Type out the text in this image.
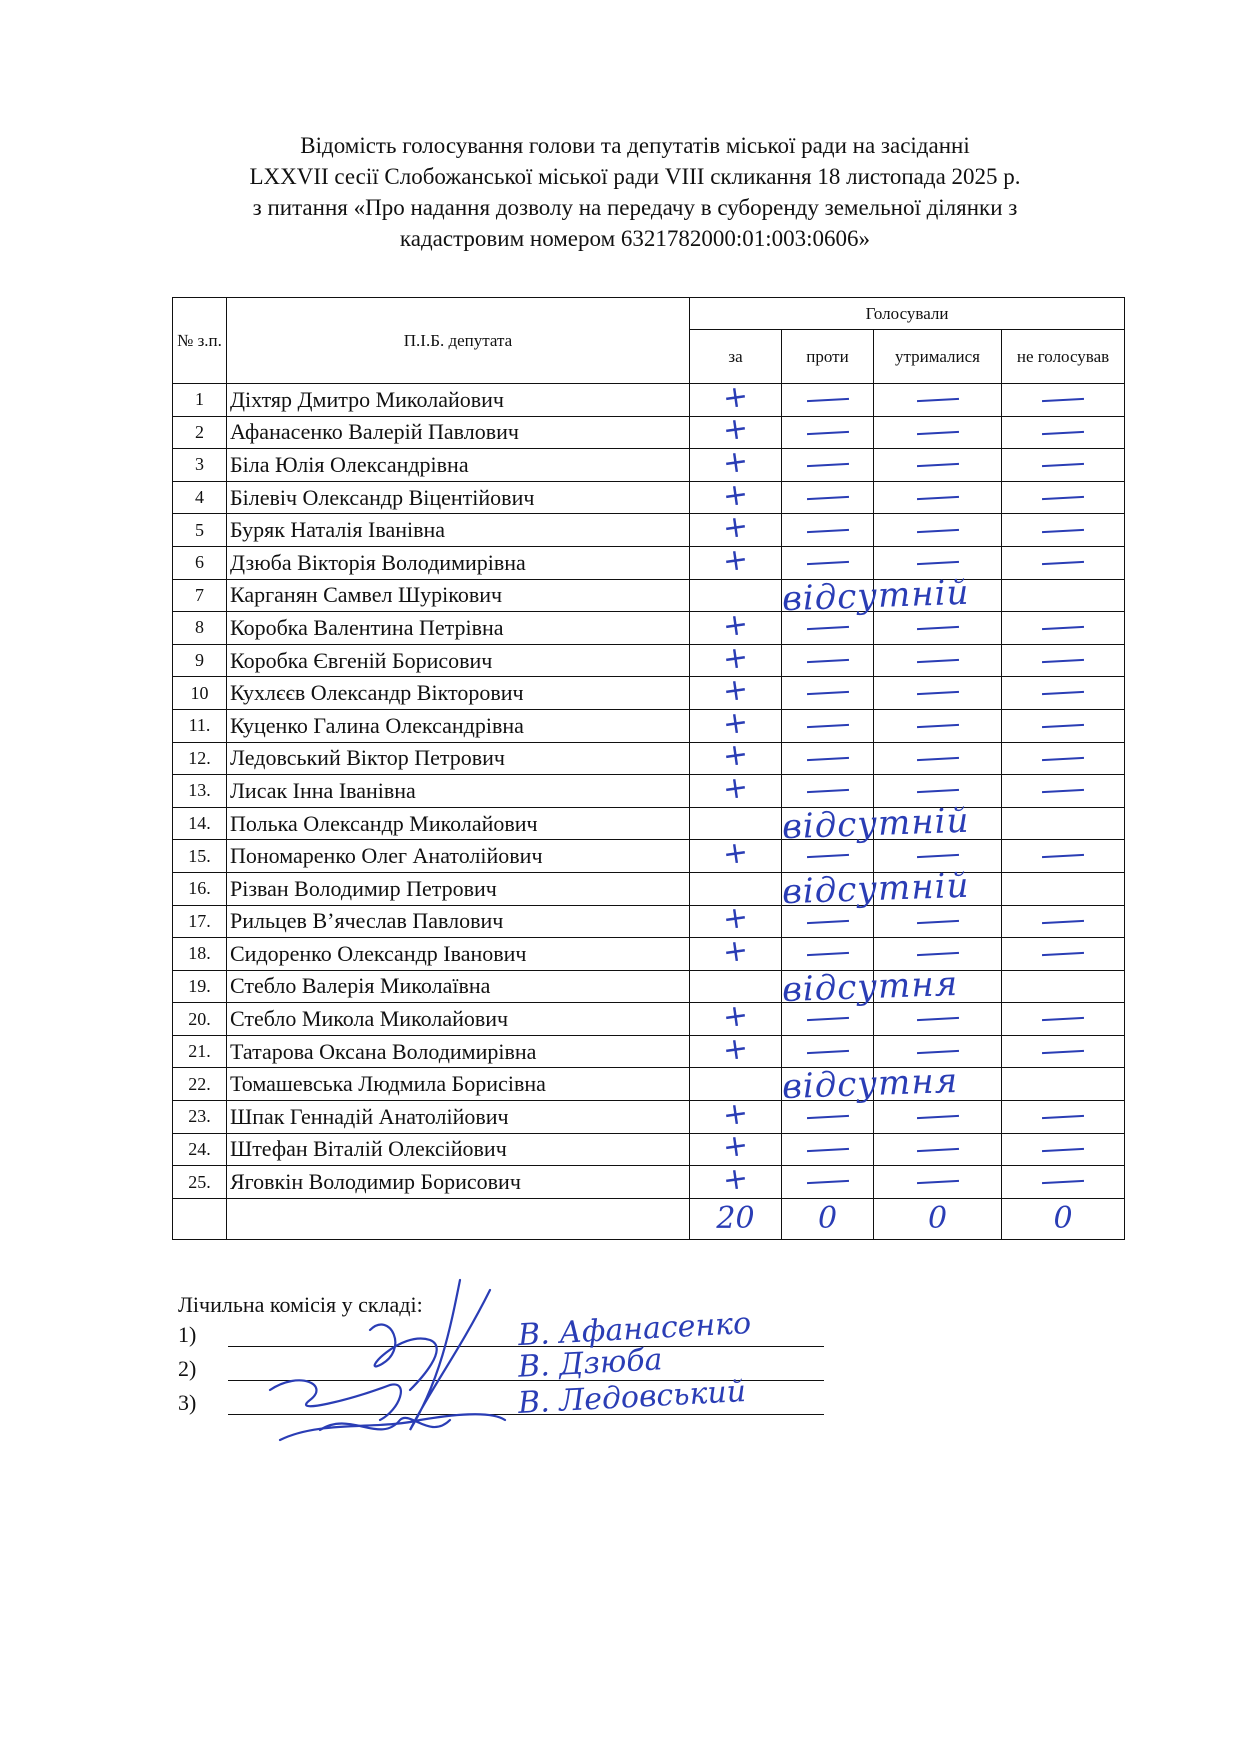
Відомість голосування голови та депутатів міської ради на засіданні
LXXVII сесії Слобожанської міської ради VIII скликання 18 листопада 2025 р.
з питання «Про надання дозволу на передачу в суборенду земельної ділянки з
кадастровим номером 6321782000:01:003:0606»
№ з.п.	П.І.Б. депутата	Голосували			
		за	проти	утрималися	не голосував
1	Діхтяр Дмитро Миколайович	+			
2	Афанасенко Валерій Павлович	+			
3	Біла Юлія Олександрівна	+			
4	Білевіч Олександр Віцентійович	+			
5	Буряк Наталія Іванівна	+			
6	Дзюба Вікторія Володимирівна	+			
7	Карганян Самвел Шурікович		відсутній		

8	Коробка Валентина Петрівна	+			
9	Коробка Євгеній Борисович	+			
10	Кухлєєв Олександр Вікторович	+			
11.	Куценко Галина Олександрівна	+			
12.	Ледовський Віктор Петрович	+			
13.	Лисак Інна Іванівна	+			
14.	Полька Олександр Миколайович		відсутній		

15.	Пономаренко Олег Анатолійович	+			
16.	Різван Володимир Петрович		відсутній		

17.	Рильцев В’ячеслав Павлович	+			
18.	Сидоренко Олександр Іванович	+			
19.	Стебло Валерія Миколаївна		відсутня		

20.	Стебло Микола Миколайович	+			
21.	Татарова Оксана Володимирівна	+			
22.	Томашевська Людмила Борисівна		відсутня		

23.	Шпак Геннадій Анатолійович	+			
24.	Штефан Віталій Олексійович	+			
25.	Яговкін Володимир Борисович	+			
		20	0	0	0
Лічильна комісія у складі:
1)	В. Афанасенко
2)	В. Дзюба
3)	В. Ледовський
